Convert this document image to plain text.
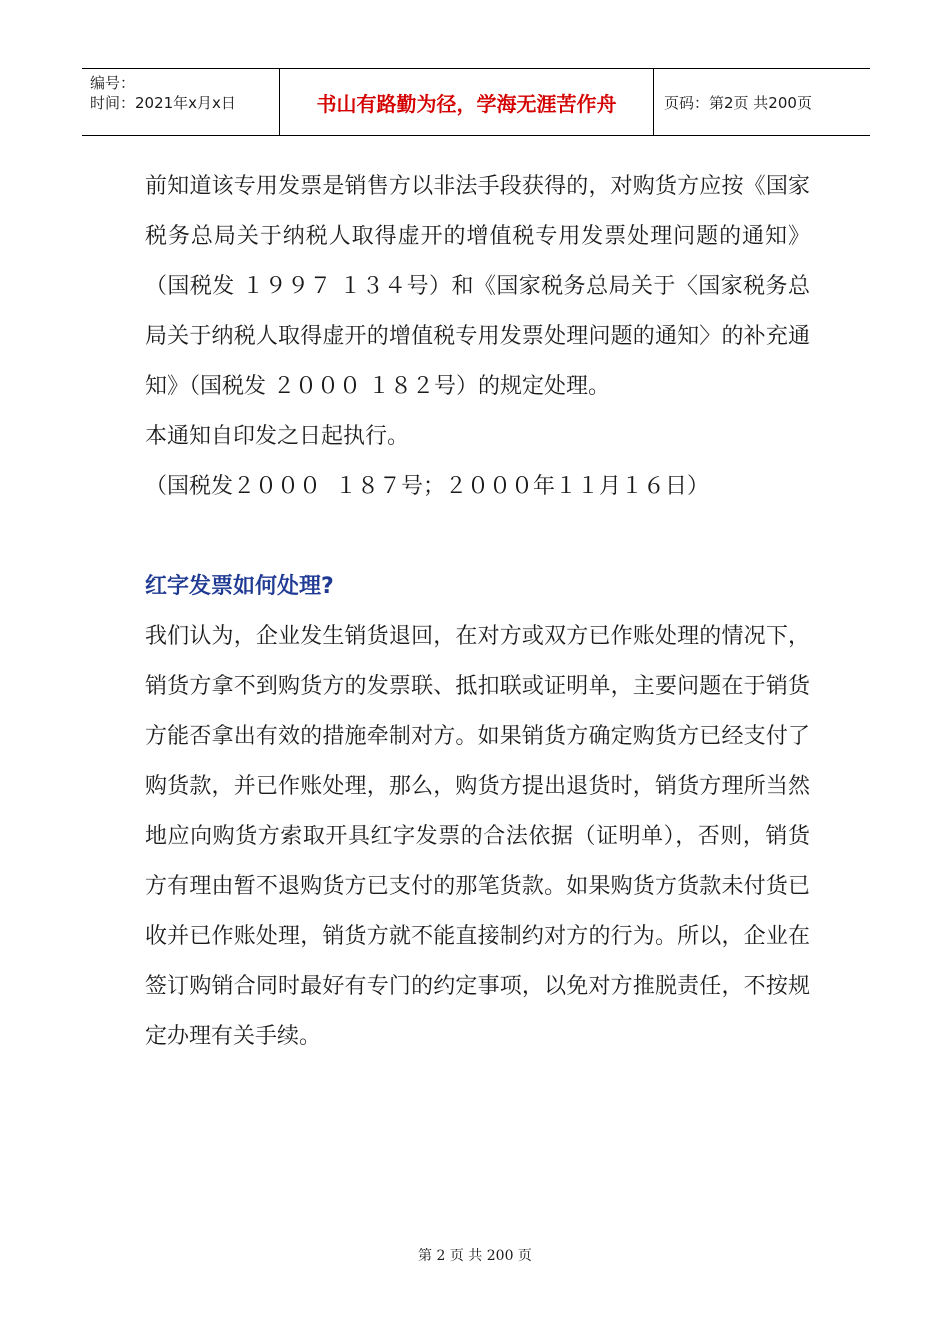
编号：
时间：2021年x月x日	书山有路勤为径，学海无涯苦作舟	页码：第2页 共200页

前知道该专用发票是销售方以非法手段获得的，对购货方应按《国家税务总局关于纳税人取得虚开的增值税专用发票处理问题的通知》（国税发 １９９７ １３４号）和《国家税务总局关于〈国家税务总局关于纳税人取得虚开的增值税专用发票处理问题的通知〉的补充通知》（国税发 ２０００ １８２号）的规定处理。

本通知自印发之日起执行。

（国税发２０００  １８７号；２０００年１１月１６日）

红字发票如何处理?

我们认为，企业发生销货退回，在对方或双方已作账处理的情况下，销货方拿不到购货方的发票联、抵扣联或证明单，主要问题在于销货方能否拿出有效的措施牵制对方。如果销货方确定购货方已经支付了购货款，并已作账处理，那么，购货方提出退货时，销货方理所当然地应向购货方索取开具红字发票的合法依据（证明单），否则，销货方有理由暂不退购货方已支付的那笔货款。如果购货方货款未付货已收并已作账处理，销货方就不能直接制约对方的行为。所以，企业在签订购销合同时最好有专门的约定事项，以免对方推脱责任，不按规定办理有关手续。

第 2 页 共 200 页
